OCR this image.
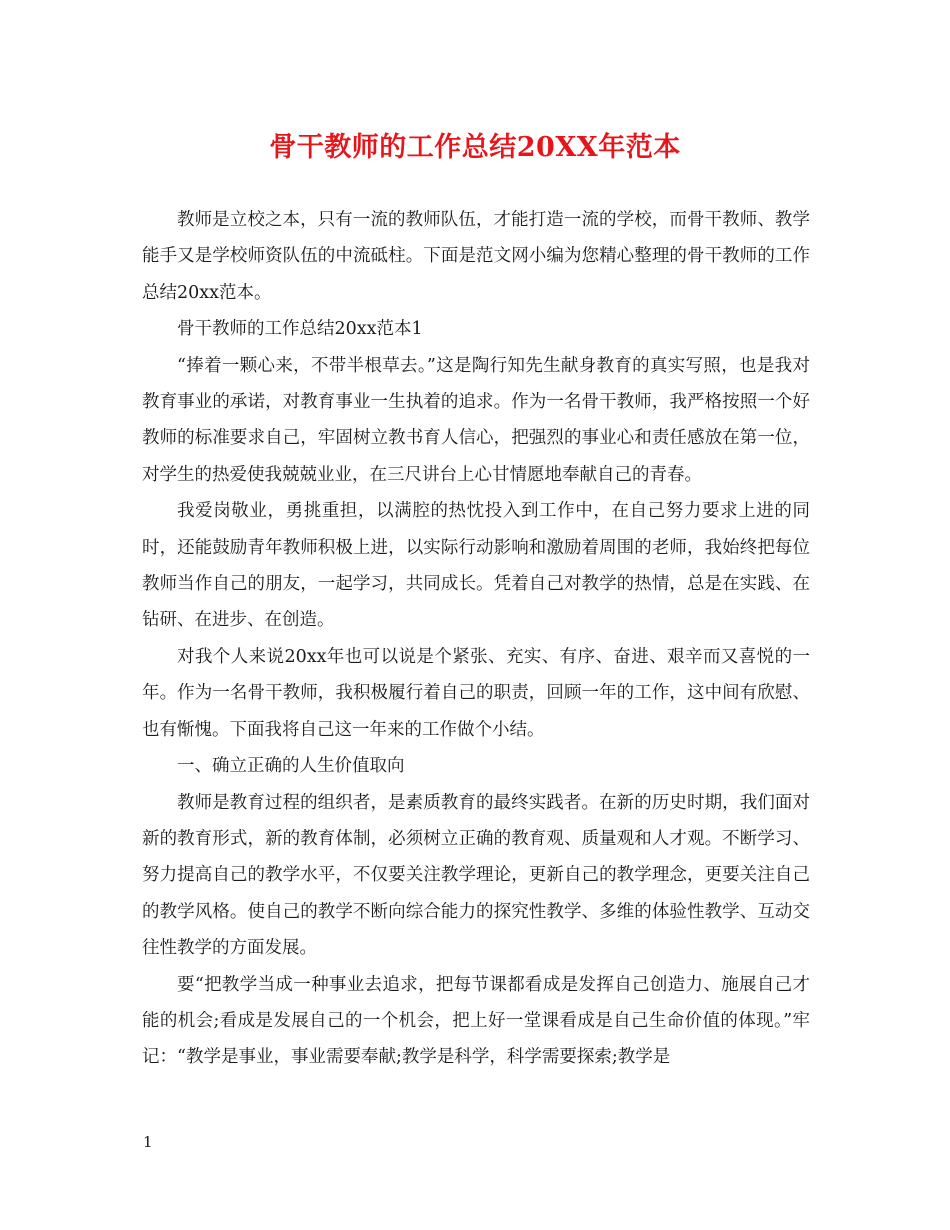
骨干教师的工作总结20XX年范本

教师是立校之本，只有一流的教师队伍，才能打造一流的学校，而骨干教师、教学能手又是学校师资队伍的中流砥柱。下面是范文网小编为您精心整理的骨干教师的工作总结20xx范本。

骨干教师的工作总结20xx范本1

“捧着一颗心来，不带半根草去。”这是陶行知先生献身教育的真实写照，也是我对教育事业的承诺，对教育事业一生执着的追求。作为一名骨干教师，我严格按照一个好教师的标准要求自己，牢固树立教书育人信心，把强烈的事业心和责任感放在第一位，对学生的热爱使我兢兢业业，在三尺讲台上心甘情愿地奉献自己的青春。

我爱岗敬业，勇挑重担，以满腔的热忱投入到工作中，在自己努力要求上进的同时，还能鼓励青年教师积极上进，以实际行动影响和激励着周围的老师，我始终把每位教师当作自己的朋友，一起学习，共同成长。凭着自己对教学的热情，总是在实践、在钻研、在进步、在创造。

对我个人来说20xx年也可以说是个紧张、充实、有序、奋进、艰辛而又喜悦的一年。作为一名骨干教师，我积极履行着自己的职责，回顾一年的工作，这中间有欣慰、也有惭愧。下面我将自己这一年来的工作做个小结。

一、确立正确的人生价值取向

教师是教育过程的组织者，是素质教育的最终实践者。在新的历史时期，我们面对新的教育形式，新的教育体制，必须树立正确的教育观、质量观和人才观。不断学习、努力提高自己的教学水平，不仅要关注教学理论，更新自己的教学理念，更要关注自己的教学风格。使自己的教学不断向综合能力的探究性教学、多维的体验性教学、互动交往性教学的方面发展。

要“把教学当成一种事业去追求，把每节课都看成是发挥自己创造力、施展自己才能的机会;看成是发展自己的一个机会，把上好一堂课看成是自己生命价值的体现。”牢记：“教学是事业，事业需要奉献;教学是科学，科学需要探索;教学是

1
